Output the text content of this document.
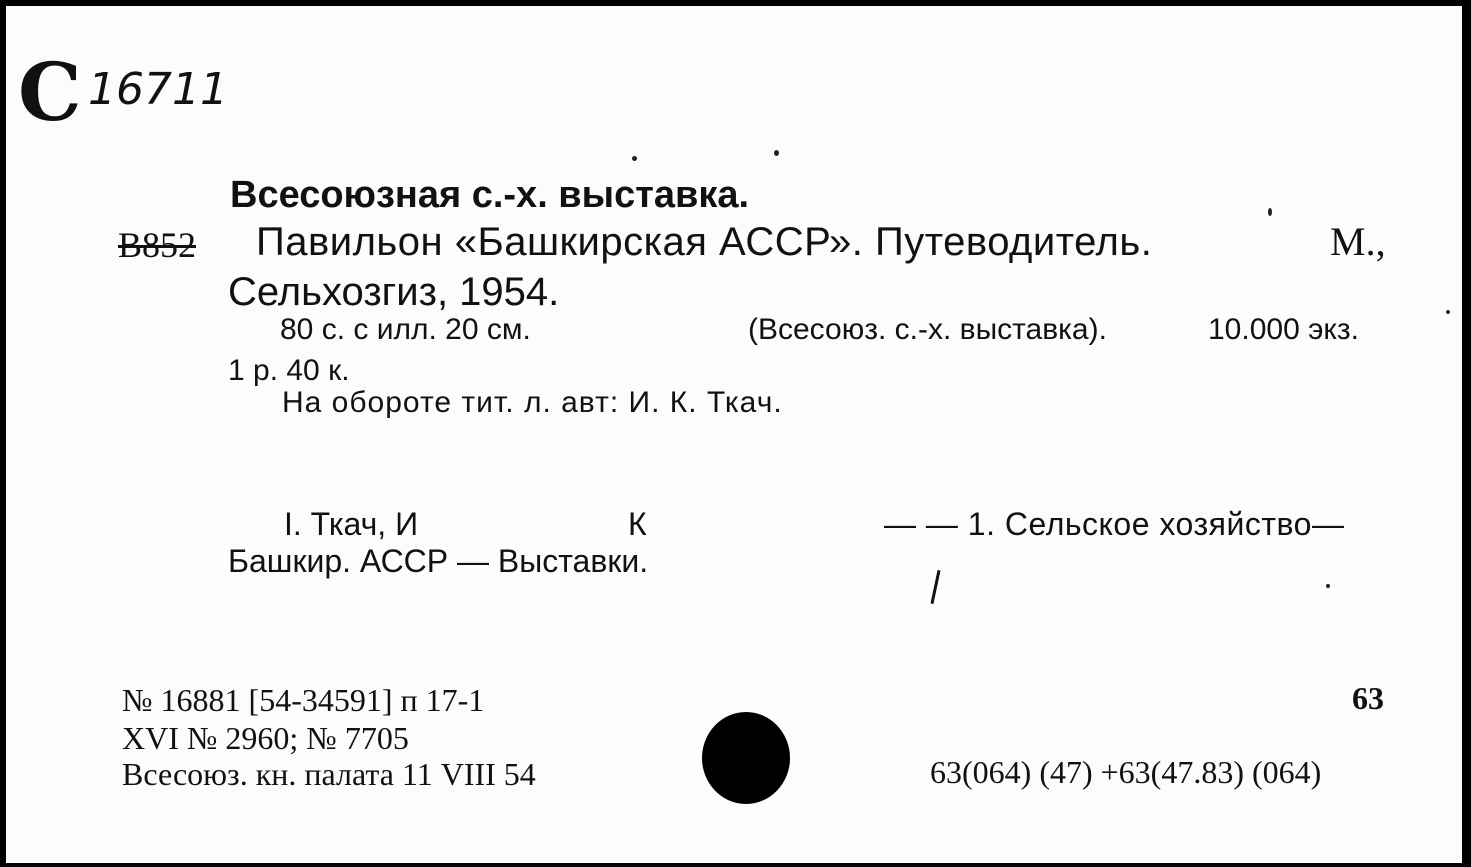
С 16711
Всесоюзная с.-х. выставка.
В852 Павильон «Башкирская АССР». Путеводитель.	М.,
Сельхозгиз, 1954.
80 с. с илл. 20 см.	(Всесоюз. с.-х. выставка).	10.000 экз.
1 р. 40 к.
На обороте тит. л. авт: И. К. Ткач.
I. Ткач, И	К	— — 1. Сельское хозяйство—
Башкир. АССР — Выставки.
№ 16881 [54-34591] п 17-1
XVI № 2960; № 7705
Всесоюз. кн. палата 11 VIII 54
63
63(064) (47) +63(47.83) (064)
